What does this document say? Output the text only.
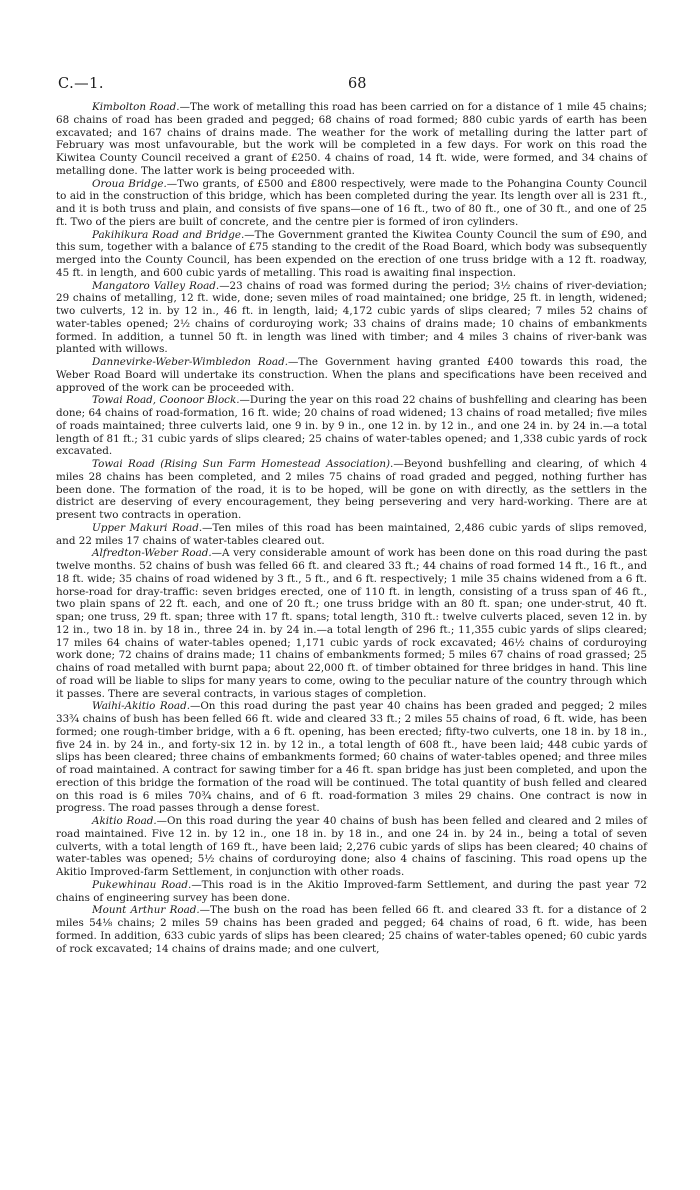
C.—1.	68

Kimbolton Road.—The work of metalling this road has been carried on for a distance of 1 mile 45 chains; 68 chains of road has been graded and pegged; 68 chains of road formed; 880 cubic yards of earth has been excavated; and 167 chains of drains made. The weather for the work of metalling during the latter part of February was most unfavourable, but the work will be completed in a few days. For work on this road the Kiwitea County Council received a grant of £250. 4 chains of road, 14 ft. wide, were formed, and 34 chains of metalling done. The latter work is being proceeded with.

Oroua Bridge.—Two grants, of £500 and £800 respectively, were made to the Pohangina County Council to aid in the construction of this bridge, which has been completed during the year. Its length over all is 231 ft., and it is both truss and plain, and consists of five spans—one of 16 ft., two of 80 ft., one of 30 ft., and one of 25 ft. Two of the piers are built of concrete, and the centre pier is formed of iron cylinders.

Pakihikura Road and Bridge.—The Government granted the Kiwitea County Council the sum of £90, and this sum, together with a balance of £75 standing to the credit of the Road Board, which body was subsequently merged into the County Council, has been expended on the erection of one truss bridge with a 12 ft. roadway, 45 ft. in length, and 600 cubic yards of metalling. This road is awaiting final inspection.

Mangatoro Valley Road.—23 chains of road was formed during the period; 3½ chains of river-deviation; 29 chains of metalling, 12 ft. wide, done; seven miles of road maintained; one bridge, 25 ft. in length, widened; two culverts, 12 in. by 12 in., 46 ft. in length, laid; 4,172 cubic yards of slips cleared; 7 miles 52 chains of water-tables opened; 2½ chains of corduroying work; 33 chains of drains made; 10 chains of embankments formed. In addition, a tunnel 50 ft. in length was lined with timber; and 4 miles 3 chains of river-bank was planted with willows.

Dannevirke-Weber-Wimbledon Road.—The Government having granted £400 towards this road, the Weber Road Board will undertake its construction. When the plans and specifications have been received and approved of the work can be proceeded with.

Towai Road, Coonoor Block.—During the year on this road 22 chains of bushfelling and clearing has been done; 64 chains of road-formation, 16 ft. wide; 20 chains of road widened; 13 chains of road metalled; five miles of roads maintained; three culverts laid, one 9 in. by 9 in., one 12 in. by 12 in., and one 24 in. by 24 in.—a total length of 81 ft.; 31 cubic yards of slips cleared; 25 chains of water-tables opened; and 1,338 cubic yards of rock excavated.

Towai Road (Rising Sun Farm Homestead Association).—Beyond bushfelling and clearing, of which 4 miles 28 chains has been completed, and 2 miles 75 chains of road graded and pegged, nothing further has been done. The formation of the road, it is to be hoped, will be gone on with directly, as the settlers in the district are deserving of every encouragement, they being persevering and very hard-working. There are at present two contracts in operation.

Upper Makuri Road.—Ten miles of this road has been maintained, 2,486 cubic yards of slips removed, and 22 miles 17 chains of water-tables cleared out.

Alfredton-Weber Road.—A very considerable amount of work has been done on this road during the past twelve months. 52 chains of bush was felled 66 ft. and cleared 33 ft.; 44 chains of road formed 14 ft., 16 ft., and 18 ft. wide; 35 chains of road widened by 3 ft., 5 ft., and 6 ft. respectively; 1 mile 35 chains widened from a 6 ft. horse-road for dray-traffic: seven bridges erected, one of 110 ft. in length, consisting of a truss span of 46 ft., two plain spans of 22 ft. each, and one of 20 ft.; one truss bridge with an 80 ft. span; one under-strut, 40 ft. span; one truss, 29 ft. span; three with 17 ft. spans; total length, 310 ft.: twelve culverts placed, seven 12 in. by 12 in., two 18 in. by 18 in., three 24 in. by 24 in.—a total length of 296 ft.; 11,355 cubic yards of slips cleared; 17 miles 64 chains of water-tables opened; 1,171 cubic yards of rock excavated; 46½ chains of corduroying work done; 72 chains of drains made; 11 chains of embankments formed; 5 miles 67 chains of road grassed; 25 chains of road metalled with burnt papa; about 22,000 ft. of timber obtained for three bridges in hand. This line of road will be liable to slips for many years to come, owing to the peculiar nature of the country through which it passes. There are several contracts, in various stages of completion.

Waihi-Akitio Road.—On this road during the past year 40 chains has been graded and pegged; 2 miles 33¾ chains of bush has been felled 66 ft. wide and cleared 33 ft.; 2 miles 55 chains of road, 6 ft. wide, has been formed; one rough-timber bridge, with a 6 ft. opening, has been erected; fifty-two culverts, one 18 in. by 18 in., five 24 in. by 24 in., and forty-six 12 in. by 12 in., a total length of 608 ft., have been laid; 448 cubic yards of slips has been cleared; three chains of embankments formed; 60 chains of water-tables opened; and three miles of road maintained. A contract for sawing timber for a 46 ft. span bridge has just been completed, and upon the erection of this bridge the formation of the road will be continued. The total quantity of bush felled and cleared on this road is 6 miles 70¾ chains, and of 6 ft. road-formation 3 miles 29 chains. One contract is now in progress. The road passes through a dense forest.

Akitio Road.—On this road during the year 40 chains of bush has been felled and cleared and 2 miles of road maintained. Five 12 in. by 12 in., one 18 in. by 18 in., and one 24 in. by 24 in., being a total of seven culverts, with a total length of 169 ft., have been laid; 2,276 cubic yards of slips has been cleared; 40 chains of water-tables was opened; 5½ chains of corduroying done; also 4 chains of fascining. This road opens up the Akitio Improved-farm Settlement, in conjunction with other roads.

Pukewhinau Road.—This road is in the Akitio Improved-farm Settlement, and during the past year 72 chains of engineering survey has been done.

Mount Arthur Road.—The bush on the road has been felled 66 ft. and cleared 33 ft. for a distance of 2 miles 54⅛ chains; 2 miles 59 chains has been graded and pegged; 64 chains of road, 6 ft. wide, has been formed. In addition, 633 cubic yards of slips has been cleared; 25 chains of water-tables opened; 60 cubic yards of rock excavated; 14 chains of drains made; and one culvert,
